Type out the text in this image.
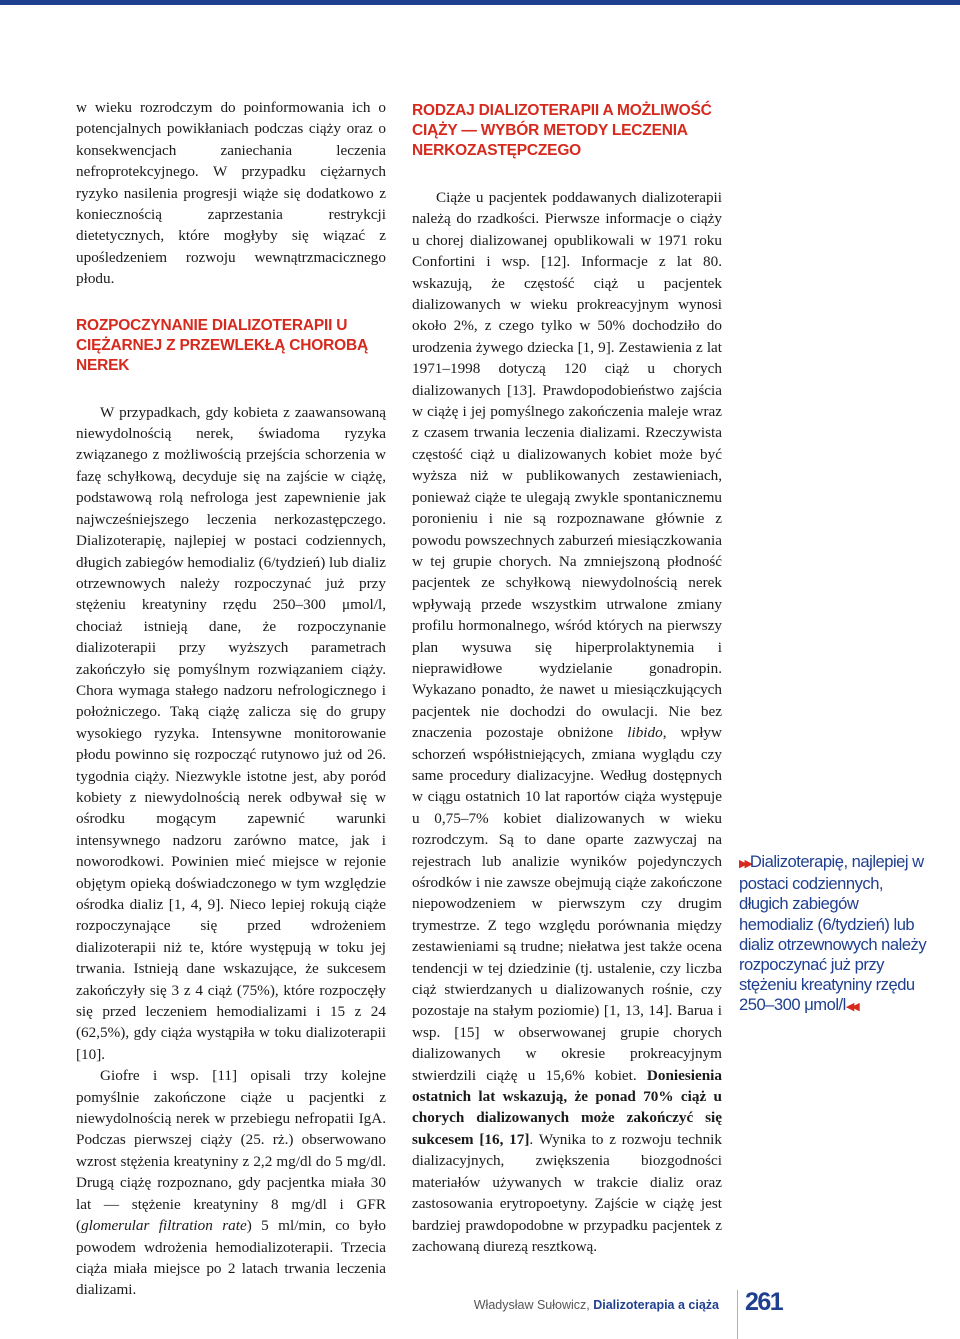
w wieku rozrodczym do poinformowania ich o potencjalnych powikłaniach podczas ciąży oraz o konsekwencjach zaniechania leczenia nefroprotekcyjnego. W przypadku ciężarnych ryzyko nasilenia progresji wiąże się dodatkowo z koniecznością zaprzestania restrykcji dietetycznych, które mogłyby się wiązać z upośledzeniem rozwoju wewnątrzmacicznego płodu.

ROZPOCZYNANIE DIALIZOTERAPII U CIĘŻARNEJ Z PRZEWLEKŁĄ CHOROBĄ NEREK

W przypadkach, gdy kobieta z zaawansowaną niewydolnością nerek, świadoma ryzyka związanego z możliwością przejścia schorzenia w fazę schyłkową, decyduje się na zajście w ciążę, podstawową rolą nefrologa jest zapewnienie jak najwcześniejszego leczenia nerkozastępczego. Dializoterapię, najlepiej w postaci codziennych, długich zabiegów hemodializ (6/tydzień) lub dializ otrzewnowych należy rozpoczynać już przy stężeniu kreatyniny rzędu 250–300 μmol/l, chociaż istnieją dane, że rozpoczynanie dializoterapii przy wyższych parametrach zakończyło się pomyślnym rozwiązaniem ciąży. Chora wymaga stałego nadzoru nefrologicznego i położniczego. Taką ciążę zalicza się do grupy wysokiego ryzyka. Intensywne monitorowanie płodu powinno się rozpocząć rutynowo już od 26. tygodnia ciąży. Niezwykle istotne jest, aby poród kobiety z niewydolnością nerek odbywał się w ośrodku mogącym zapewnić warunki intensywnego nadzoru zarówno matce, jak i noworodkowi. Powinien mieć miejsce w rejonie objętym opieką doświadczonego w tym względzie ośrodka dializ [1, 4, 9]. Nieco lepiej rokują ciąże rozpoczynające się przed wdrożeniem dializoterapii niż te, które występują w toku jej trwania. Istnieją dane wskazujące, że sukcesem zakończyły się 3 z 4 ciąż (75%), które rozpoczęły się przed leczeniem hemodializami i 15 z 24 (62,5%), gdy ciąża wystąpiła w toku dializoterapii [10].

Giofre i wsp. [11] opisali trzy kolejne pomyślnie zakończone ciąże u pacjentki z niewydolnością nerek w przebiegu nefropatii IgA. Podczas pierwszej ciąży (25. rż.) obserwowano wzrost stężenia kreatyniny z 2,2 mg/dl do 5 mg/dl. Drugą ciążę rozpoznano, gdy pacjentka miała 30 lat — stężenie kreatyniny 8 mg/dl i GFR (glomerular filtration rate) 5 ml/min, co było powodem wdrożenia hemodializoterapii. Trzecia ciąża miała miejsce po 2 latach trwania leczenia dializami.

RODZAJ DIALIZOTERAPII A MOŻLIWOŚĆ CIĄŻY — WYBÓR METODY LECZENIA NERKOZASTĘPCZEGO

Ciąże u pacjentek poddawanych dializoterapii należą do rzadkości. Pierwsze informacje o ciąży u chorej dializowanej opublikowali w 1971 roku Confortini i wsp. [12]. Informacje z lat 80. wskazują, że częstość ciąż u pacjentek dializowanych w wieku prokreacyjnym wynosi około 2%, z czego tylko w 50% dochodziło do urodzenia żywego dziecka [1, 9]. Zestawienia z lat 1971–1998 dotyczą 120 ciąż u chorych dializowanych [13]. Prawdopodobieństwo zajścia w ciążę i jej pomyślnego zakończenia maleje wraz z czasem trwania leczenia dializami. Rzeczywista częstość ciąż u dializowanych kobiet może być wyższa niż w publikowanych zestawieniach, ponieważ ciąże te ulegają zwykle spontanicznemu poronieniu i nie są rozpoznawane głównie z powodu powszechnych zaburzeń miesiączkowania w tej grupie chorych. Na zmniejszoną płodność pacjentek ze schyłkową niewydolnością nerek wpływają przede wszystkim utrwalone zmiany profilu hormonalnego, wśród których na pierwszy plan wysuwa się hiperprolaktynemia i nieprawidłowe wydzielanie gonadropin. Wykazano ponadto, że nawet u miesiączkujących pacjentek nie dochodzi do owulacji. Nie bez znaczenia pozostaje obniżone libido, wpływ schorzeń współistniejących, zmiana wyglądu czy same procedury dializacyjne. Według dostępnych w ciągu ostatnich 10 lat raportów ciąża występuje u 0,75–7% kobiet dializowanych w wieku rozrodczym. Są to dane oparte zazwyczaj na rejestrach lub analizie wyników pojedynczych ośrodków i nie zawsze obejmują ciąże zakończone niepowodzeniem w pierwszym czy drugim trymestrze. Z tego względu porównania między zestawieniami są trudne; niełatwa jest także ocena tendencji w tej dziedzinie (tj. ustalenie, czy liczba ciąż stwierdzanych u dializowanych rośnie, czy pozostaje na stałym poziomie) [1, 13, 14]. Barua i wsp. [15] w obserwowanej grupie chorych dializowanych w okresie prokreacyjnym stwierdzili ciążę u 15,6% kobiet. Doniesienia ostatnich lat wskazują, że ponad 70% ciąż u chorych dializowanych może zakończyć się sukcesem [16, 17]. Wynika to z rozwoju technik dializacyjnych, zwiększenia biozgodności materiałów używanych w trakcie dializ oraz zastosowania erytropoetyny. Zajście w ciążę jest bardziej prawdopodobne w przypadku pacjentek z zachowaną diurezą resztkową.

▶▶Dializoterapię, najlepiej w postaci codziennych, długich zabiegów hemodializ (6/tydzień) lub dializ otrzewnowych należy rozpoczynać już przy stężeniu kreatyniny rzędu 250–300 μmol/l◀◀
Władysław Sułowicz, Dializoterapia a ciąża 261
